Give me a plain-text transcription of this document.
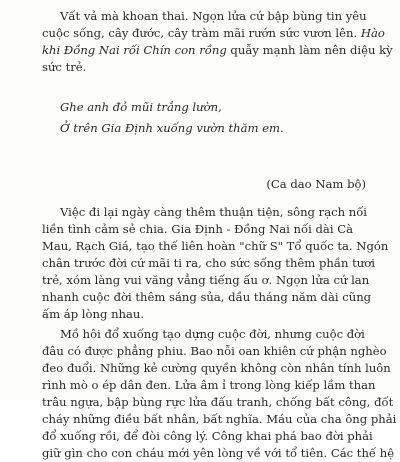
Vất vả mà khoan thai. Ngọn lửa cứ bập bùng tin yêu
cuộc sống, cây đước, cây tràm mãi rướn sức vươn lên. Hào
khi Đồng Nai rối Chín con rồng quẫy mạnh làm nên diệu kỳ
sức trẻ.

Ghe anh đỏ mũi trắng lườn,
Ở trên Gia Định xuống vườn thăm em.
(Ca dao Nam bộ)

Việc đi lại ngày càng thêm thuận tiện, sông rạch nối
liền tình cảm sẻ chia. Gia Định - Đồng Nai nối dài Cà
Mau, Rạch Giá, tạo thế liên hoàn "chữ S" Tổ quốc ta. Ngón
chân trước đời cứ mãi ti ra, cho sức sống thêm phần tươi
trẻ, xóm làng vui văng vẳng tiếng ấu ơ. Ngọn lửa cứ lan
nhanh cuộc đời thêm sáng sủa, dầu tháng năm dài cũng
ấm áp lòng nhau.

Mồ hôi đổ xuống tạo dựng cuộc đời, nhưng cuộc đời
đâu có được phẳng phiu. Bao nỗi oan khiên cứ phận nghèo
đeo đuổi. Những kẻ cường quyền không còn nhân tính luôn
rình mò o ép dân đen. Lửa âm ỉ trong lòng kiếp lầm than
trâu ngựa, bập bùng rực lửa đấu tranh, chống bất công, đốt
cháy những điều bất nhân, bất nghĩa. Máu của cha ông phải
đổ xuống rồi, để đòi công lý. Công khai phá bao đời phải
giữ gìn cho con cháu mới yên lòng về với tổ tiên. Các thế hệ
